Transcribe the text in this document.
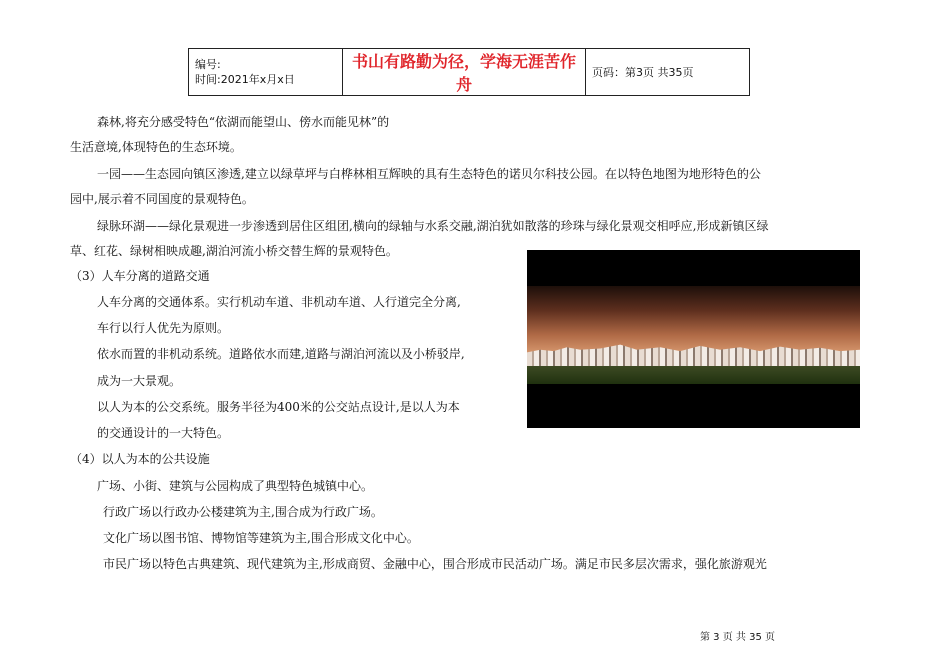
编号:
时间:2021年x月x日
	书山有路勤为径，学海无涯苦作舟	页码：第3页 共35页
森林,将充分感受特色“依湖而能望山、傍水而能见林”的
生活意境,体现特色的生态环境。
一园——生态园向镇区渗透,建立以绿草坪与白桦林相互辉映的具有生态特色的诺贝尔科技公园。在以特色地图为地形特色的公
园中,展示着不同国度的景观特色。
绿脉环湖——绿化景观进一步渗透到居住区组团,横向的绿轴与水系交融,湖泊犹如散落的珍珠与绿化景观交相呼应,形成新镇区绿
草、红花、绿树相映成趣,湖泊河流小桥交替生辉的景观特色。
（3）人车分离的道路交通
人车分离的交通体系。实行机动车道、非机动车道、人行道完全分离,
车行以行人优先为原则。
依水而置的非机动系统。道路依水而建,道路与湖泊河流以及小桥驳岸,
成为一大景观。
以人为本的公交系统。服务半径为400米的公交站点设计,是以人为本
的交通设计的一大特色。
（4）以人为本的公共设施
广场、小街、建筑与公园构成了典型特色城镇中心。
行政广场以行政办公楼建筑为主,围合成为行政广场。
文化广场以图书馆、博物馆等建筑为主,围合形成文化中心。
市民广场以特色古典建筑、现代建筑为主,形成商贸、金融中心，围合形成市民活动广场。满足市民多层次需求，强化旅游观光
第 3 页 共 35 页
